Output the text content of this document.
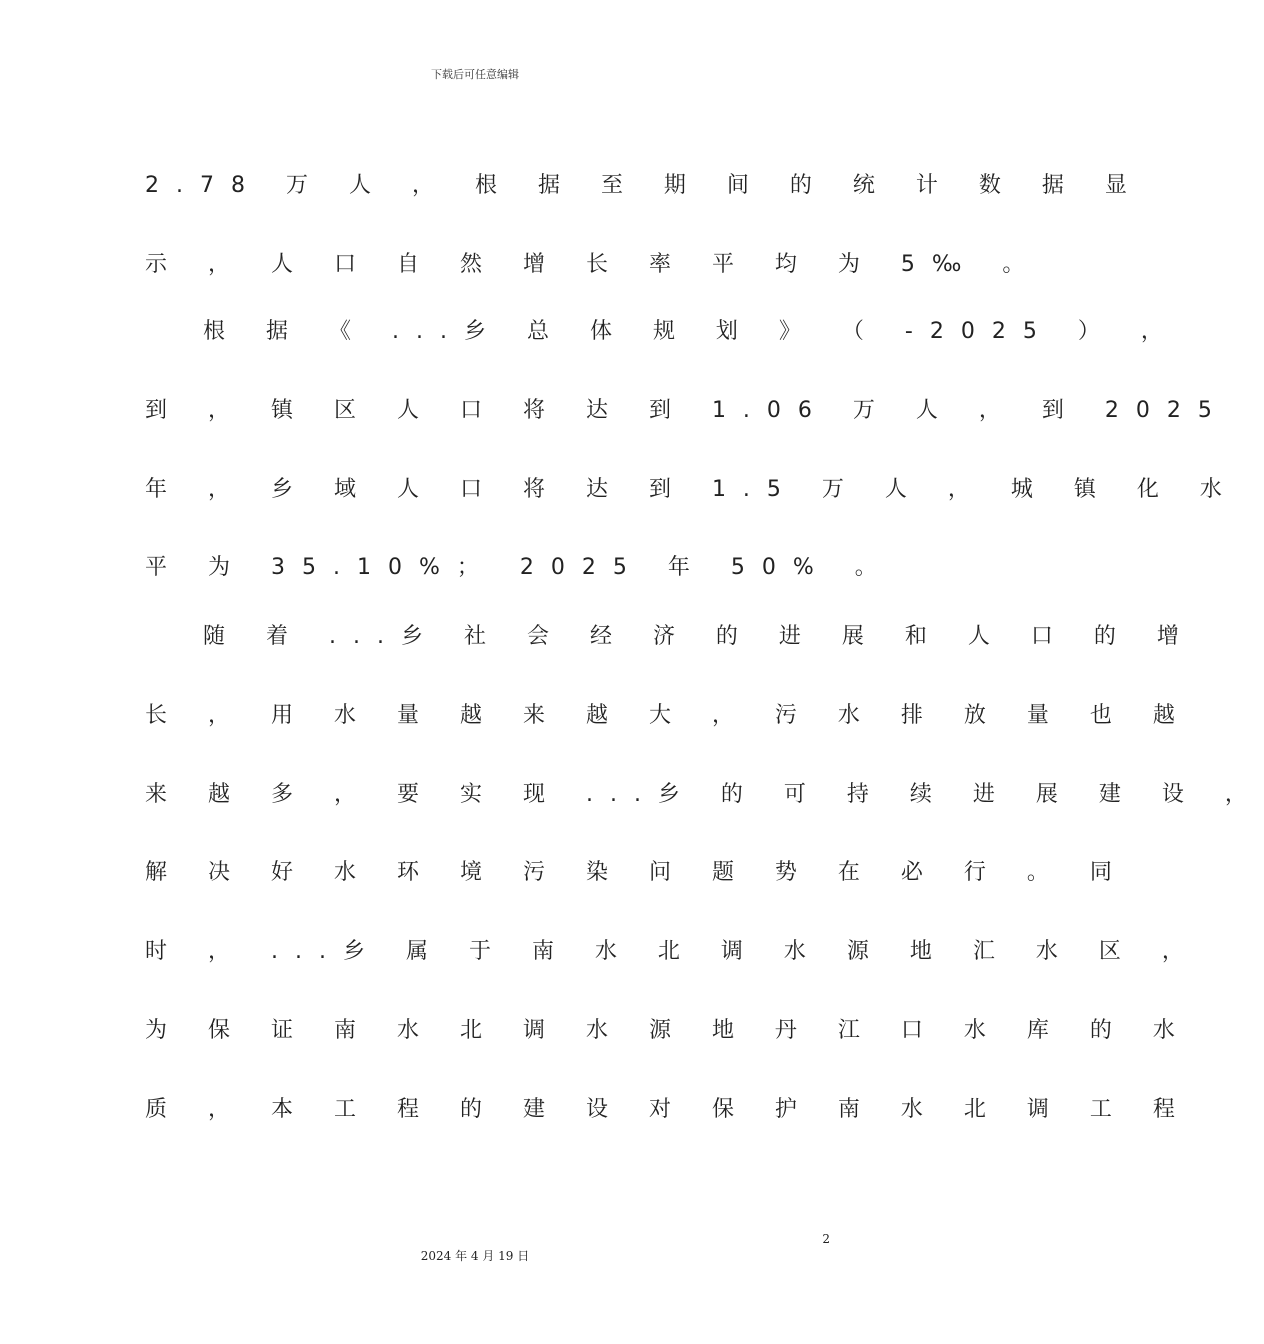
下载后可任意编辑
2.78 万 人 ， 根 据 至 期 间 的 统 计 数 据 显
示 ， 人 口 自 然 增 长 率 平 均 为 5‰ 。
根 据 《 ...乡 总 体 规 划 》 （ -2025 ） ，
到 ， 镇 区 人 口 将 达 到 1.06 万 人 ， 到 2025
年 ， 乡 域 人 口 将 达 到 1.5 万 人 ， 城 镇 化 水
平 为 35.10%； 2025 年 50% 。
随 着 ...乡 社 会 经 济 的 进 展 和 人 口 的 增
长 ， 用 水 量 越 来 越 大 ， 污 水 排 放 量 也 越
来 越 多 ， 要 实 现 ...乡 的 可 持 续 进 展 建 设 ，
解 决 好 水 环 境 污 染 问 题 势 在 必 行 。 同
时 ， ...乡 属 于 南 水 北 调 水 源 地 汇 水 区 ，
为 保 证 南 水 北 调 水 源 地 丹 江 口 水 库 的 水
质 ， 本 工 程 的 建 设 对 保 护 南 水 北 调 工 程
2
2024 年 4 月 19 日
